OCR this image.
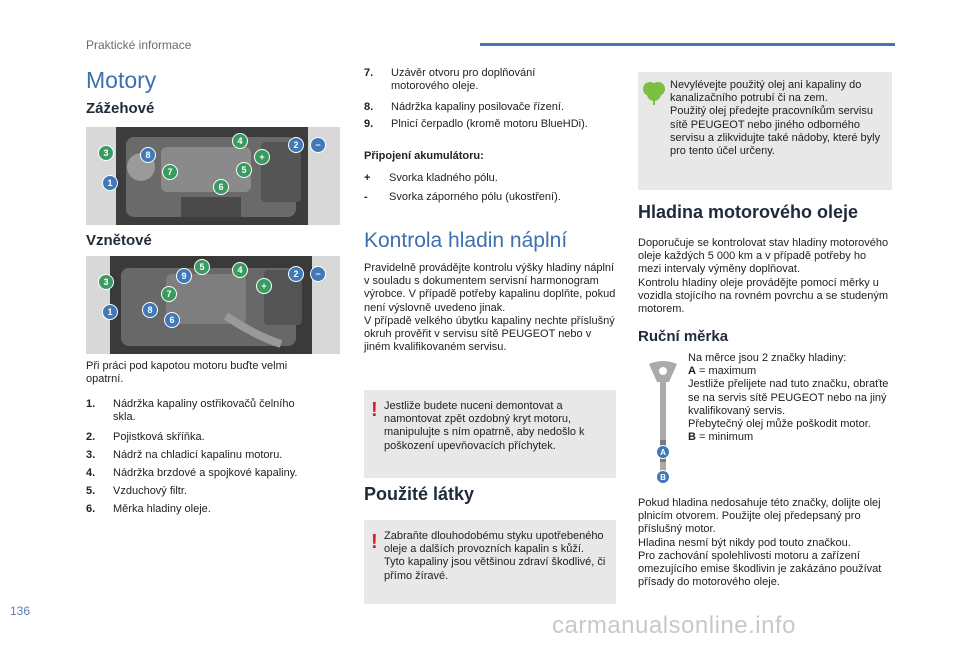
Praktické informace
Motory
Zážehové
3	8
1
7
4
+
5
6
2	−
Vznětové
5
9
4
3
7
2	−
+
1	8
6
Při práci pod kapotou motoru buďte velmi opatrní.
1. Nádržka kapaliny ostřikovačů čelního skla.
2. Pojistková skříňka.
3. Nádrž na chladicí kapalinu motoru.
4. Nádržka brzdové a spojkové kapaliny.
5. Vzduchový filtr.
6. Měrka hladiny oleje.
7. Uzávěr otvoru pro doplňování motorového oleje.
8. Nádržka kapaliny posilovače řízení.
9. Plnicí čerpadlo (kromě motoru BlueHDi).
Připojení akumulátoru:
+ Svorka kladného pólu.
- Svorka záporného pólu (ukostření).
Kontrola hladin náplní
Pravidelně provádějte kontrolu výšky hladiny náplní v souladu s dokumentem servisní harmonogram výrobce. V případě potřeby kapalinu doplňte, pokud není výslovně uvedeno jinak.
V případě velkého úbytku kapaliny nechte příslušný okruh prověřit v servisu sítě PEUGEOT nebo v jiném kvalifikovaném servisu.
! Jestliže budete nuceni demontovat a namontovat zpět ozdobný kryt motoru, manipulujte s ním opatrně, aby nedošlo k poškození upevňovacích příchytek.
Použité látky
! Zabraňte dlouhodobému styku upotřebeného oleje a dalších provozních kapalin s kůží.
Tyto kapaliny jsou většinou zdraví škodlivé, či přímo žíravé.
Nevylévejte použitý olej ani kapaliny do kanalizačního potrubí či na zem.
Použitý olej předejte pracovníkům servisu sítě PEUGEOT nebo jiného odborného servisu a zlikvidujte také nádoby, které byly pro tento účel určeny.
Hladina motorového oleje
Doporučuje se kontrolovat stav hladiny motorového oleje každých 5 000 km a v případě potřeby ho mezi intervaly výměny doplňovat.
Kontrolu hladiny oleje provádějte pomocí měrky u vozidla stojícího na rovném povrchu a se studeným motorem.
Ruční měrka
A
B
Na měrce jsou 2 značky hladiny:
A = maximum
Jestliže přelijete nad tuto značku, obraťte se na servis sítě PEUGEOT nebo na jiný kvalifikovaný servis.
Přebytečný olej může poškodit motor.
B = minimum
Pokud hladina nedosahuje této značky, dolijte olej plnicím otvorem. Použijte olej předepsaný pro příslušný motor.
Hladina nesmí být nikdy pod touto značkou.
Pro zachování spolehlivosti motoru a zařízení omezujícího emise škodlivin je zakázáno používat přísady do motorového oleje.
136
carmanualsonline.info
